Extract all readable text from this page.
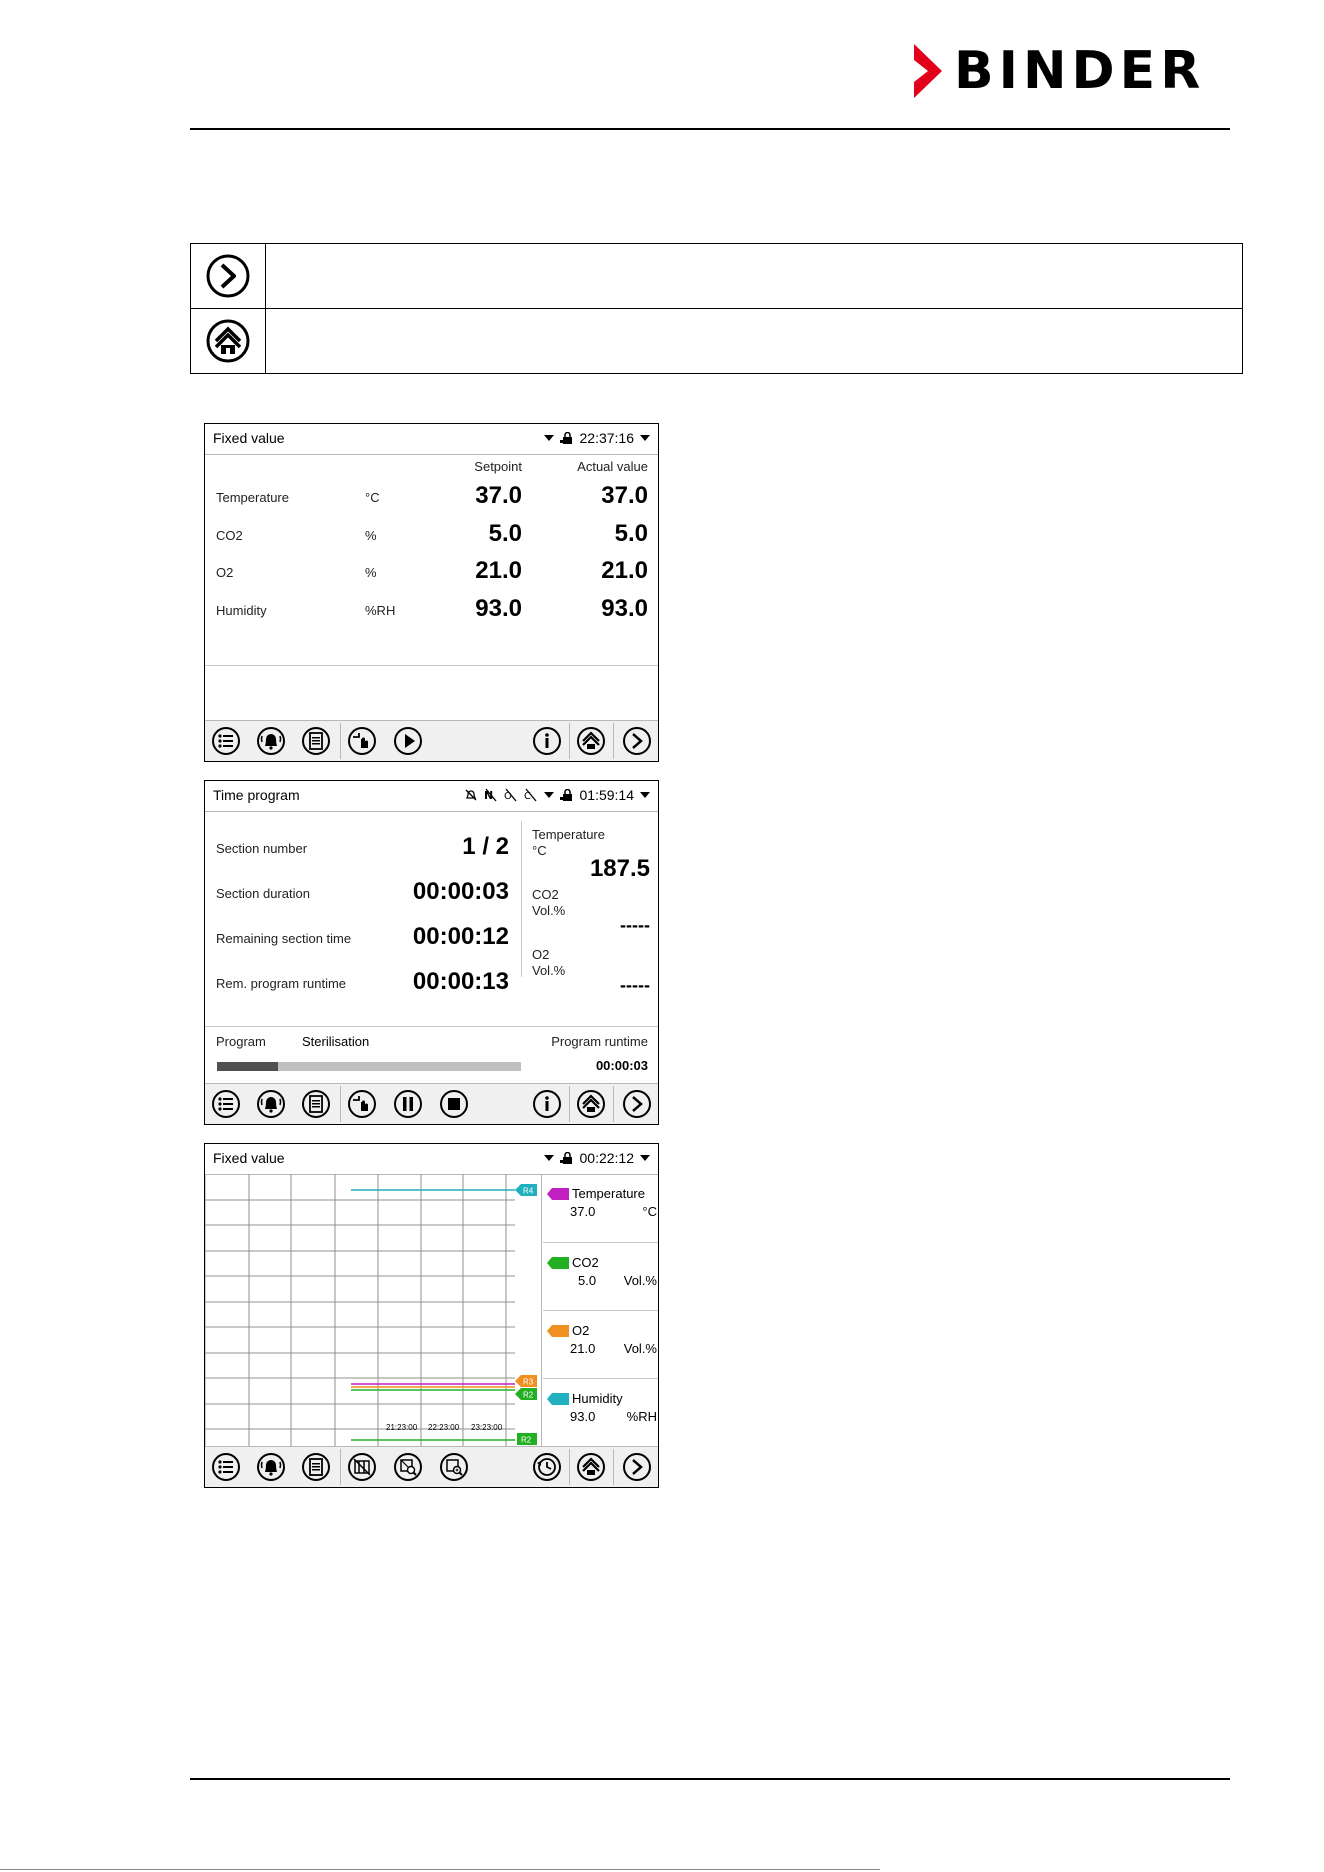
BINDER
Fixed value	22:37:16
Setpoint	Actual value
Temperature	°C	37.0	37.0
CO2	%	5.0	5.0
O2	%	21.0	21.0
Humidity	%RH	93.0	93.0
Time program	N O C	01:59:14
Section number	1 / 2
Section duration	00:00:03
Remaining section time	00:00:12
Rem. program runtime	00:00:13
Temperature
°C
187.5
CO2
Vol.%
-----
O2
Vol.%
-----
Program	Sterilisation	Program runtime
00:00:03
Fixed value	00:22:12
21:23:00 22:23:00 23:23:00
R4
R3
R2
R2
Temperature
37.0	°C
CO2
5.0 Vol.%
O2
21.0 Vol.%
Humidity
93.0 %RH
